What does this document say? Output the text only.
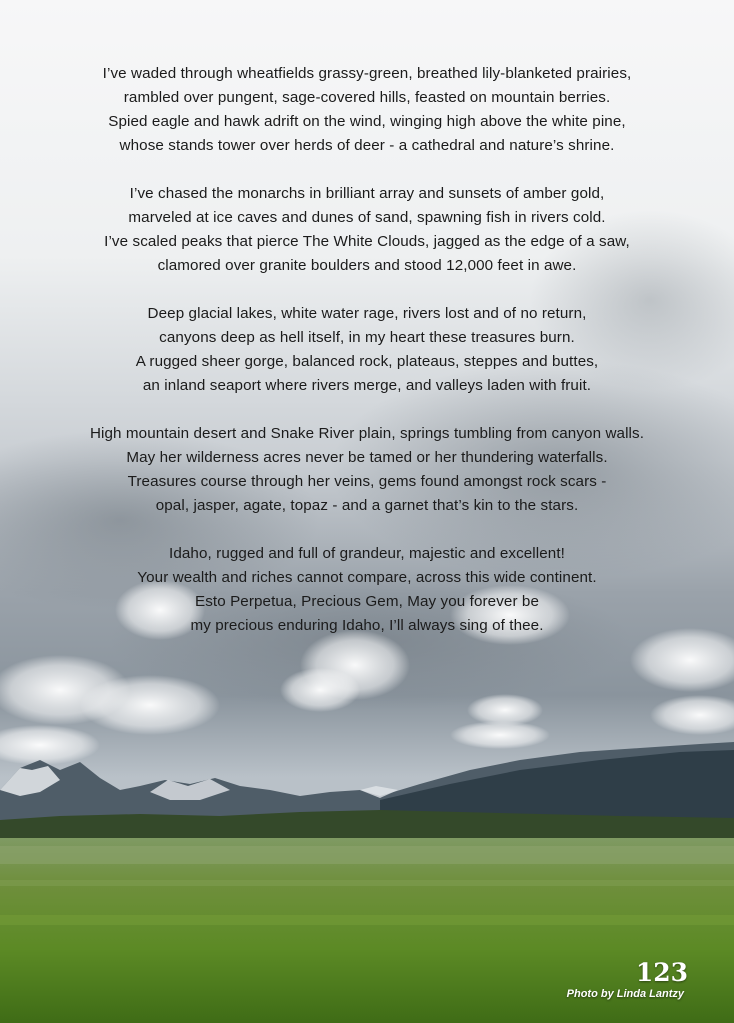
I’ve waded through wheatfields grassy-green, breathed lily-blanketed prairies,
rambled over pungent, sage-covered hills, feasted on mountain berries.
Spied eagle and hawk adrift on the wind, winging high above the white pine,
whose stands tower over herds of deer - a cathedral and nature’s shrine.
I’ve chased the monarchs in brilliant array and sunsets of amber gold,
marveled at ice caves and dunes of sand, spawning fish in rivers cold.
I’ve scaled peaks that pierce The White Clouds, jagged as the edge of a saw,
clamored over granite boulders and stood 12,000 feet in awe.
Deep glacial lakes, white water rage, rivers lost and of no return,
canyons deep as hell itself, in my heart these treasures burn.
A rugged sheer gorge, balanced rock, plateaus, steppes and buttes,
an inland seaport where rivers merge, and valleys laden with fruit.
High mountain desert and Snake River plain, springs tumbling from canyon walls.
May her wilderness acres never be tamed or her thundering waterfalls.
Treasures course through her veins, gems found amongst rock scars -
opal, jasper, agate, topaz - and a garnet that’s kin to the stars.
Idaho, rugged and full of grandeur, majestic and excellent!
Your wealth and riches cannot compare, across this wide continent.
Esto Perpetua, Precious Gem, May you forever be
my precious enduring Idaho, I’ll always sing of thee.
123
Photo by Linda Lantzy
